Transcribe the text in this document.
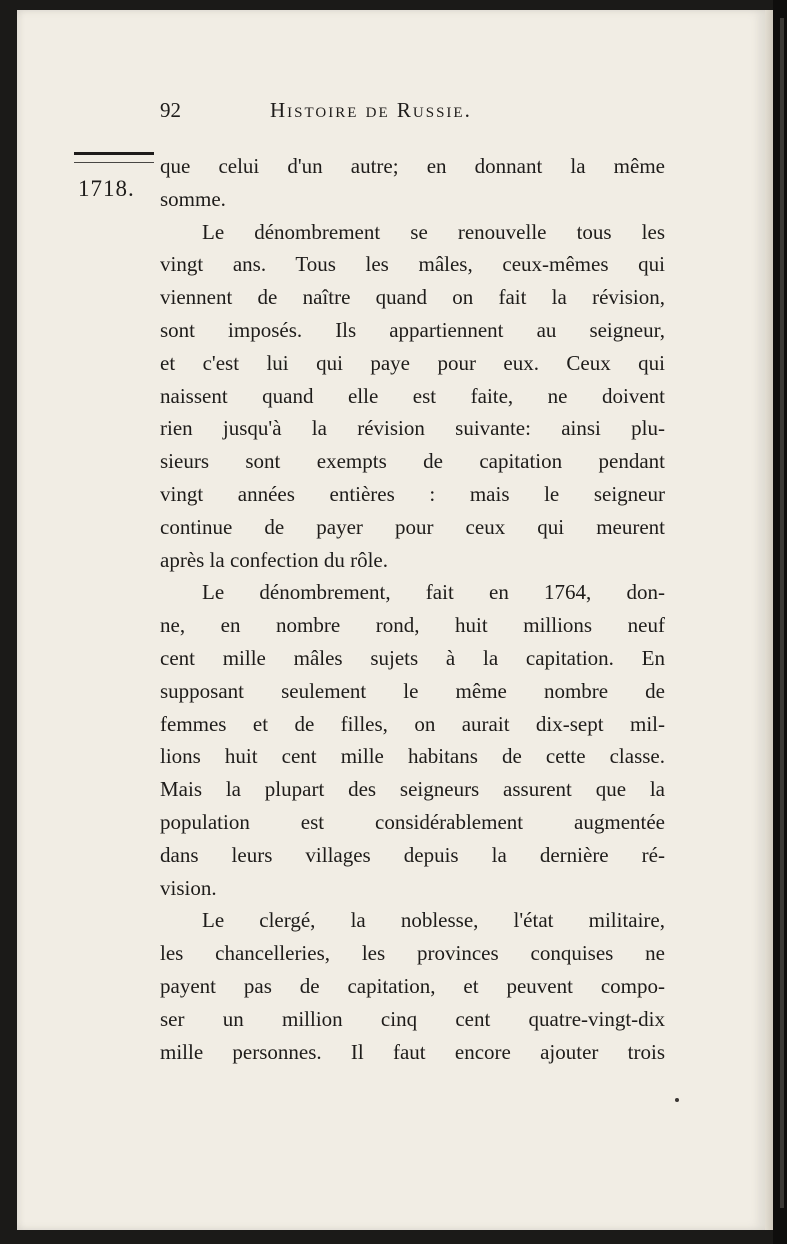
92	Histoire de Russie.
1718.
que celui d'un autre; en donnant la même
somme.
Le dénombrement se renouvelle tous les
vingt ans. Tous les mâles, ceux-mêmes qui
viennent de naître quand on fait la révision,
sont imposés. Ils appartiennent au seigneur,
et c'est lui qui paye pour eux. Ceux qui
naissent quand elle est faite, ne doivent
rien jusqu'à la révision suivante: ainsi plu-
sieurs sont exempts de capitation pendant
vingt années entières : mais le seigneur
continue de payer pour ceux qui meurent
après la confection du rôle.
Le dénombrement, fait en 1764, don-
ne, en nombre rond, huit millions neuf
cent mille mâles sujets à la capitation. En
supposant seulement le même nombre de
femmes et de filles, on aurait dix-sept mil-
lions huit cent mille habitans de cette classe.
Mais la plupart des seigneurs assurent que la
population est considérablement augmentée
dans leurs villages depuis la dernière ré-
vision.
Le clergé, la noblesse, l'état militaire,
les chancelleries, les provinces conquises ne
payent pas de capitation, et peuvent compo-
ser un million cinq cent quatre-vingt-dix
mille personnes. Il faut encore ajouter trois
